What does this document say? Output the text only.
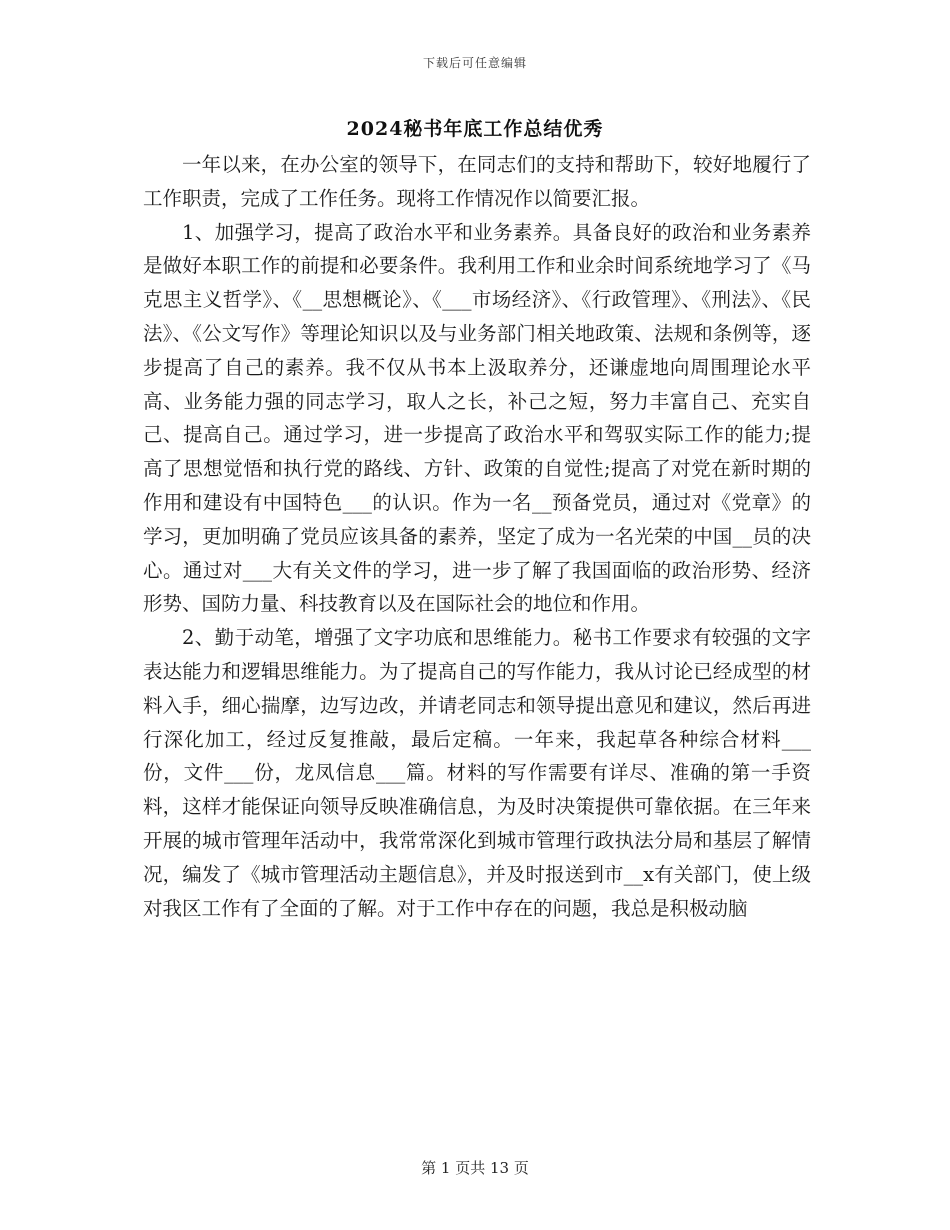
下载后可任意编辑
2024秘书年底工作总结优秀

一年以来，在办公室的领导下，在同志们的支持和帮助下，较好地履行了工作职责，完成了工作任务。现将工作情况作以简要汇报。

1、加强学习，提高了政治水平和业务素养。具备良好的政治和业务素养是做好本职工作的前提和必要条件。我利用工作和业余时间系统地学习了《马克思主义哲学》、《__思想概论》、《___市场经济》、《行政管理》、《刑法》、《民法》、《公文写作》等理论知识以及与业务部门相关地政策、法规和条例等，逐步提高了自己的素养。我不仅从书本上汲取养分，还谦虚地向周围理论水平高、业务能力强的同志学习，取人之长，补己之短，努力丰富自己、充实自己、提高自己。通过学习，进一步提高了政治水平和驾驭实际工作的能力;提高了思想觉悟和执行党的路线、方针、政策的自觉性;提高了对党在新时期的作用和建设有中国特色___的认识。作为一名__预备党员，通过对《党章》的学习，更加明确了党员应该具备的素养，坚定了成为一名光荣的中国__员的决心。通过对___大有关文件的学习，进一步了解了我国面临的政治形势、经济形势、国防力量、科技教育以及在国际社会的地位和作用。

2、勤于动笔，增强了文字功底和思维能力。秘书工作要求有较强的文字表达能力和逻辑思维能力。为了提高自己的写作能力，我从讨论已经成型的材料入手，细心揣摩，边写边改，并请老同志和领导提出意见和建议，然后再进行深化加工，经过反复推敲，最后定稿。一年来，我起草各种综合材料___份，文件___份，龙凤信息___篇。材料的写作需要有详尽、准确的第一手资料，这样才能保证向领导反映准确信息，为及时决策提供可靠依据。在三年来开展的城市管理年活动中，我常常深化到城市管理行政执法分局和基层了解情况，编发了《城市管理活动主题信息》，并及时报送到市__x有关部门，使上级对我区工作有了全面的了解。对于工作中存在的问题，我总是积极动脑

第 1 页共 13 页
